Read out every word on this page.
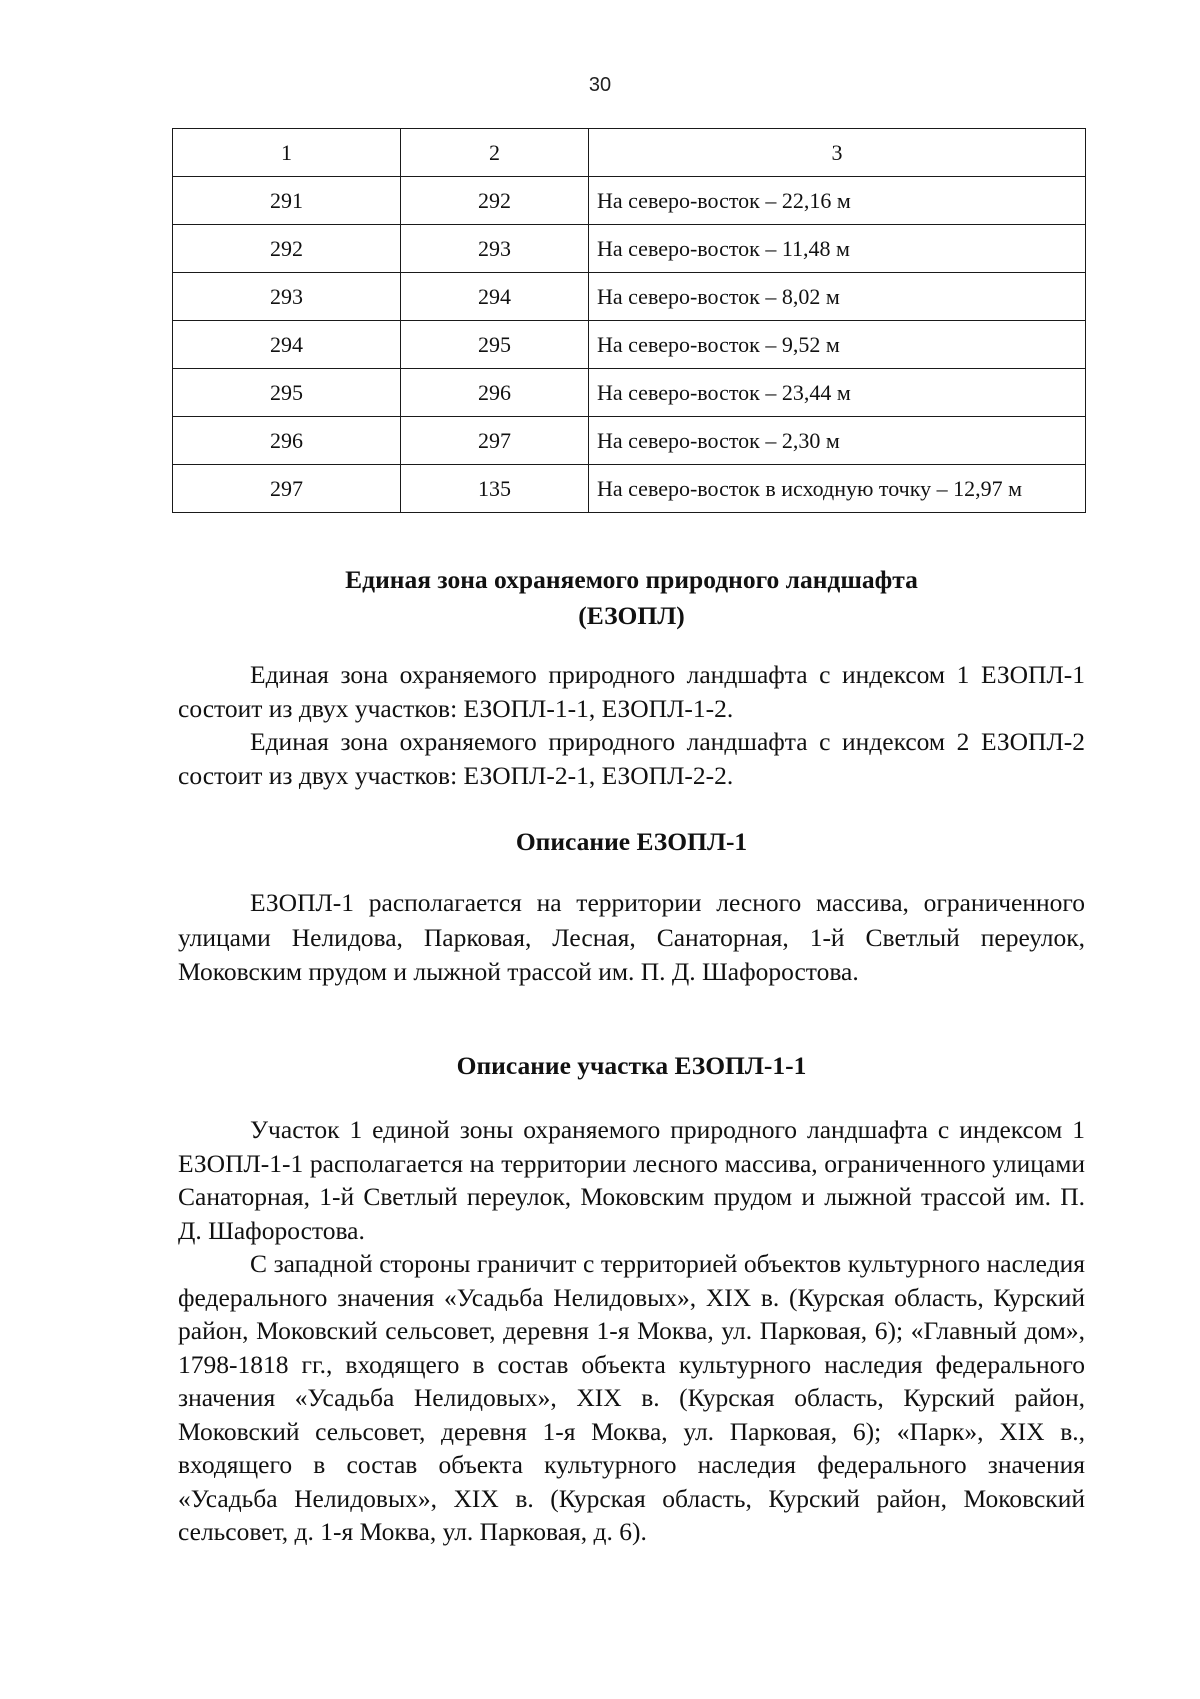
30
1	2	3
291	292	На северо-восток – 22,16 м
292	293	На северо-восток – 11,48 м
293	294	На северо-восток – 8,02 м
294	295	На северо-восток – 9,52 м
295	296	На северо-восток – 23,44 м
296	297	На северо-восток – 2,30 м
297	135	На северо-восток в исходную точку – 12,97 м
Единая зона охраняемого природного ландшафта
(ЕЗОПЛ)

Единая зона охраняемого природного ландшафта с индексом 1 ЕЗОПЛ-1 состоит из двух участков: ЕЗОПЛ-1-1, ЕЗОПЛ-1-2.

Единая зона охраняемого природного ландшафта с индексом 2 ЕЗОПЛ-2 состоит из двух участков: ЕЗОПЛ-2-1, ЕЗОПЛ-2-2.

Описание ЕЗОПЛ-1

ЕЗОПЛ-1 располагается на территории лесного массива, ограниченного улицами Нелидова, Парковая, Лесная, Санаторная, 1-й Светлый переулок, Моковским прудом и лыжной трассой им. П. Д. Шафоростова.

Описание участка ЕЗОПЛ-1-1

Участок 1 единой зоны охраняемого природного ландшафта с индексом 1 ЕЗОПЛ-1-1 располагается на территории лесного массива, ограниченного улицами Санаторная, 1-й Светлый переулок, Моковским прудом и лыжной трассой им. П. Д. Шафоростова.

С западной стороны граничит с территорией объектов культурного наследия федерального значения «Усадьба Нелидовых», XIX в. (Курская область, Курский район, Моковский сельсовет, деревня 1-я Моква, ул. Парковая, 6); «Главный дом», 1798-1818 гг., входящего в состав объекта культурного наследия федерального значения «Усадьба Нелидовых», XIX в. (Курская область, Курский район, Моковский сельсовет, деревня 1-я Моква, ул. Парковая, 6); «Парк», XIX в., входящего в состав объекта культурного наследия федерального значения «Усадьба Нелидовых», XIX в. (Курская область, Курский район, Моковский сельсовет, д. 1-я Моква, ул. Парковая, д. 6).
